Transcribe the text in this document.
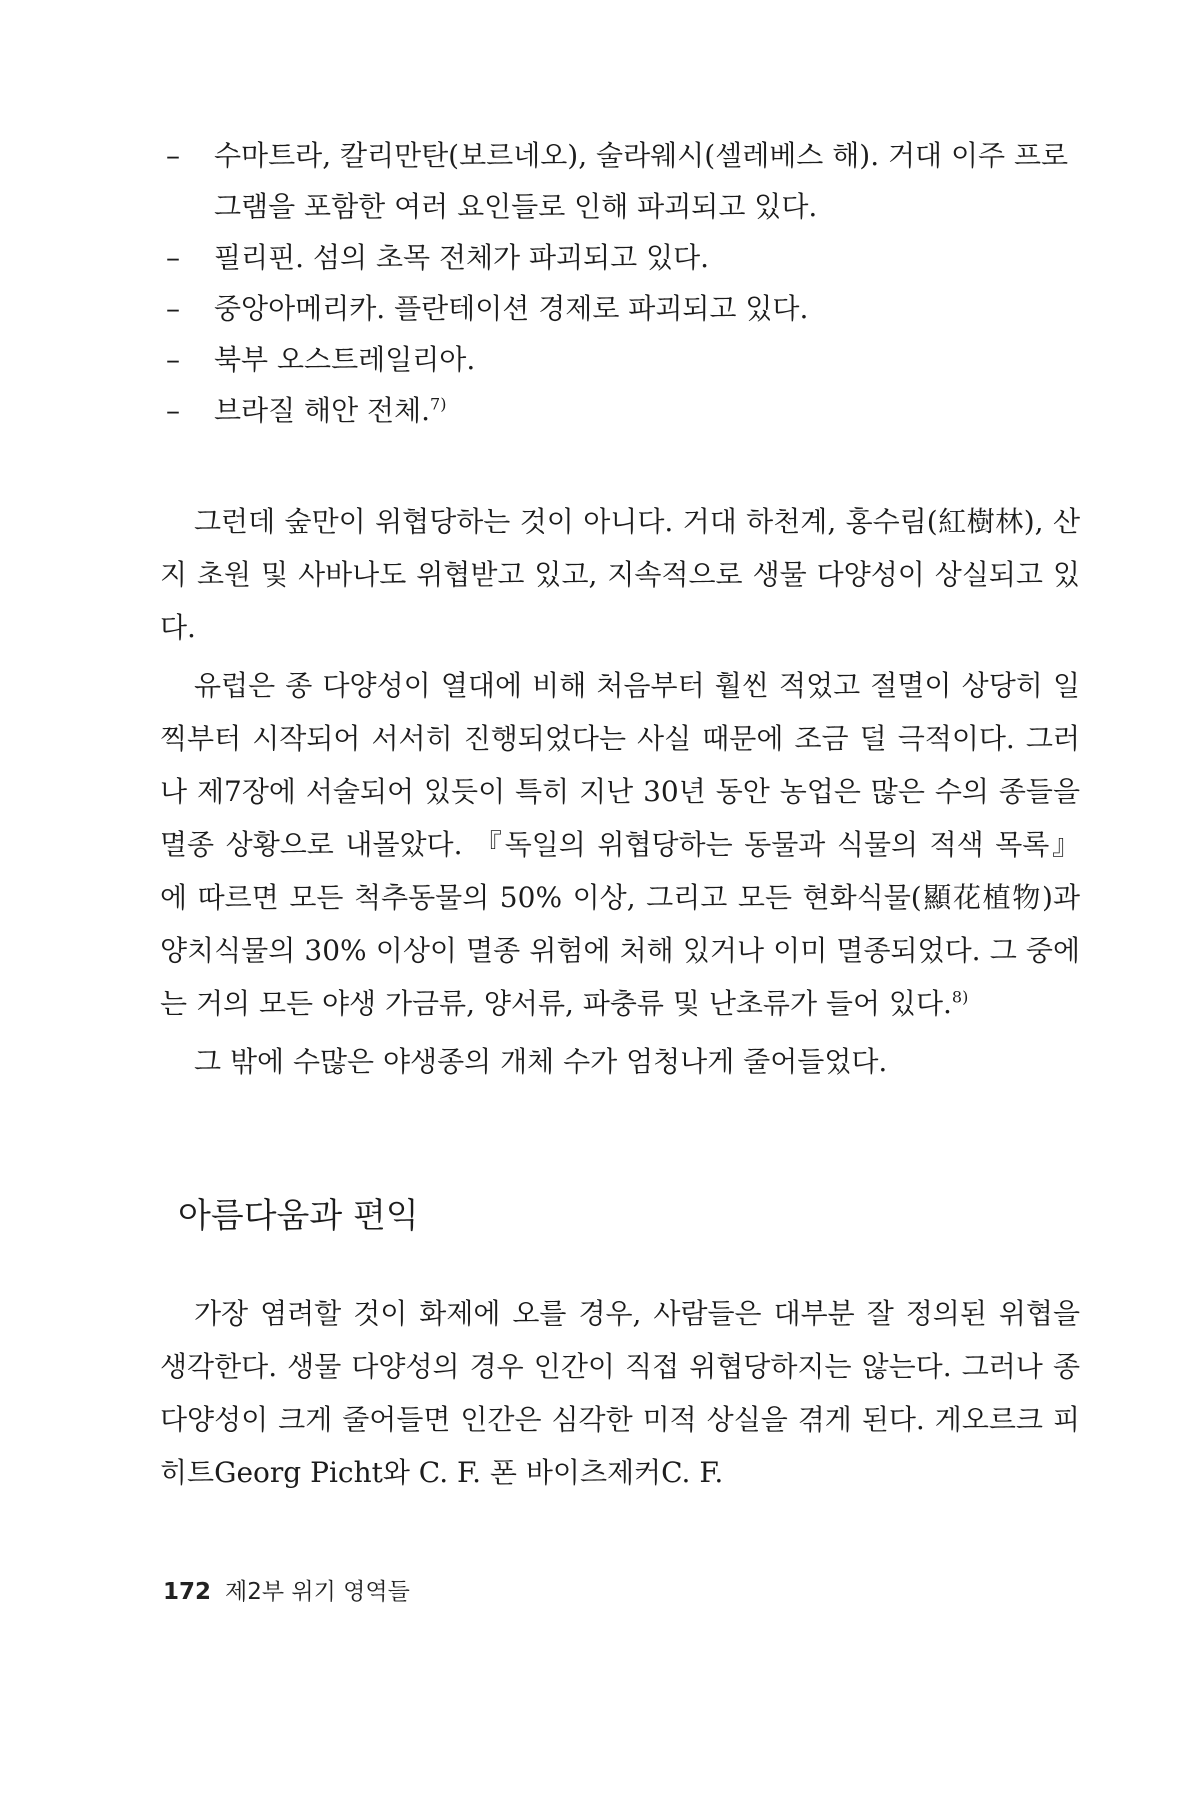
– 수마트라, 칼리만탄(보르네오), 술라웨시(셀레베스 해). 거대 이주 프로그램을 포함한 여러 요인들로 인해 파괴되고 있다.
– 필리핀. 섬의 초목 전체가 파괴되고 있다.
– 중앙아메리카. 플란테이션 경제로 파괴되고 있다.
– 북부 오스트레일리아.
– 브라질 해안 전체.$^{7)}$

그런데 숲만이 위협당하는 것이 아니다. 거대 하천계, 홍수림(紅樹林), 산지 초원 및 사바나도 위협받고 있고, 지속적으로 생물 다양성이 상실되고 있다.

유럽은 종 다양성이 열대에 비해 처음부터 훨씬 적었고 절멸이 상당히 일찍부터 시작되어 서서히 진행되었다는 사실 때문에 조금 덜 극적이다. 그러나 제7장에 서술되어 있듯이 특히 지난 30년 동안 농업은 많은 수의 종들을 멸종 상황으로 내몰았다. 『독일의 위협당하는 동물과 식물의 적색 목록』에 따르면 모든 척추동물의 50% 이상, 그리고 모든 현화식물(顯花植物)과 양치식물의 30% 이상이 멸종 위험에 처해 있거나 이미 멸종되었다. 그 중에는 거의 모든 야생 가금류, 양서류, 파충류 및 난초류가 들어 있다.$^{8)}$

그 밖에 수많은 야생종의 개체 수가 엄청나게 줄어들었다.

아름다움과 편익

가장 염려할 것이 화제에 오를 경우, 사람들은 대부분 잘 정의된 위협을 생각한다. 생물 다양성의 경우 인간이 직접 위협당하지는 않는다. 그러나 종 다양성이 크게 줄어들면 인간은 심각한 미적 상실을 겪게 된다. 게오르크 피히트Georg Picht와 C. F. 폰 바이츠제커C. F.

172 제2부 위기 영역들
